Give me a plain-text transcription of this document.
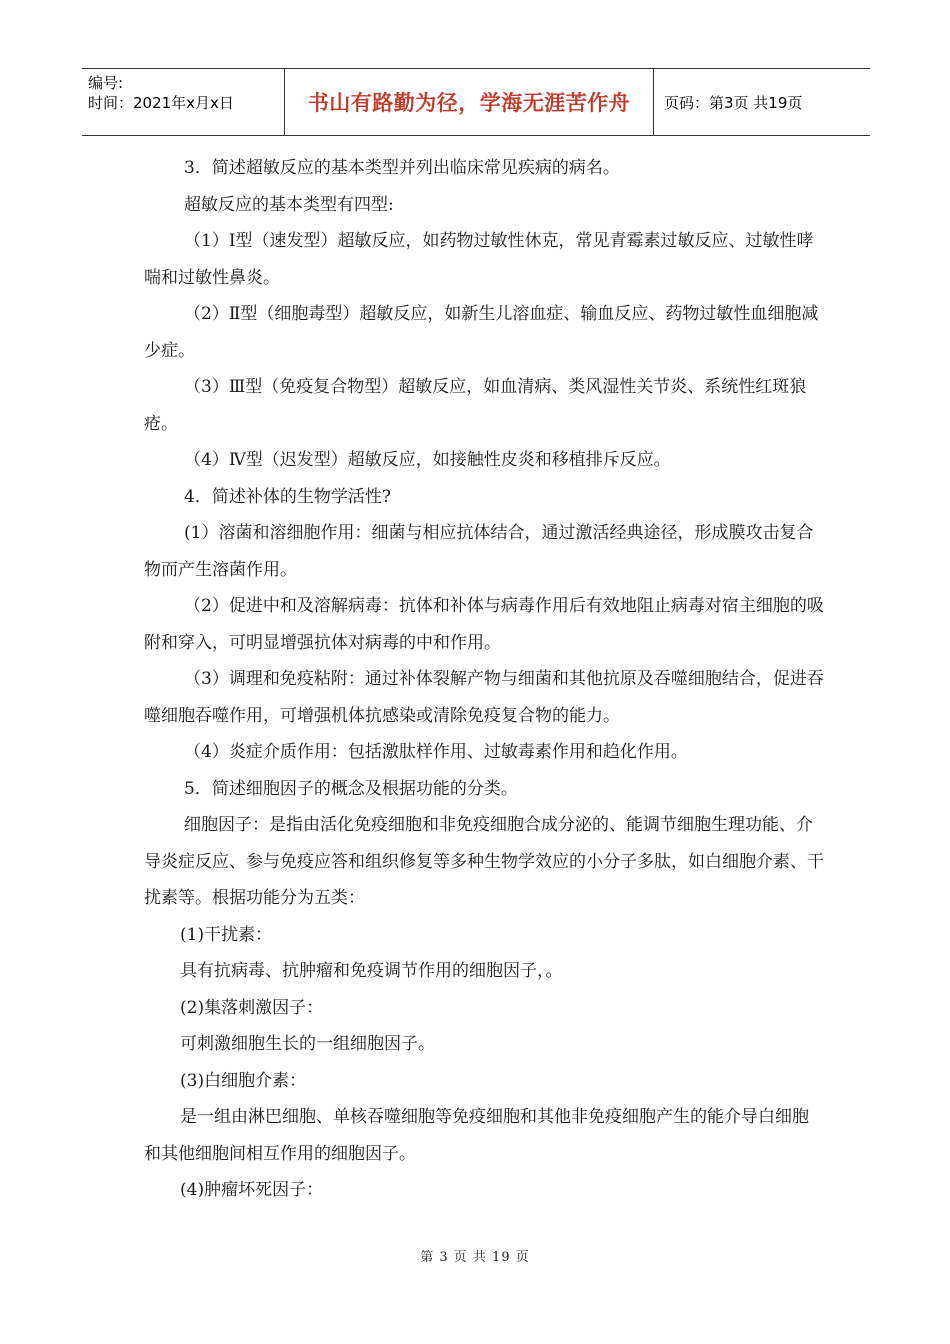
编号:
时间：2021年x月x日	书山有路勤为径，学海无涯苦作舟	页码：第3页 共19页

3．简述超敏反应的基本类型并列出临床常见疾病的病名。

超敏反应的基本类型有四型:

（1）Ⅰ型（速发型）超敏反应，如药物过敏性休克，常见青霉素过敏反应、过敏性哮喘和过敏性鼻炎。

（2）Ⅱ型（细胞毒型）超敏反应，如新生儿溶血症、输血反应、药物过敏性血细胞减少症。

（3）Ⅲ型（免疫复合物型）超敏反应，如血清病、类风湿性关节炎、系统性红斑狼疮。

（4）Ⅳ型（迟发型）超敏反应，如接触性皮炎和移植排斥反应。

4．简述补体的生物学活性?

(1）溶菌和溶细胞作用：细菌与相应抗体结合，通过激活经典途径，形成膜攻击复合物而产生溶菌作用。

（2）促进中和及溶解病毒：抗体和补体与病毒作用后有效地阻止病毒对宿主细胞的吸附和穿入，可明显增强抗体对病毒的中和作用。

（3）调理和免疫粘附：通过补体裂解产物与细菌和其他抗原及吞噬细胞结合，促进吞噬细胞吞噬作用，可增强机体抗感染或清除免疫复合物的能力。

（4）炎症介质作用：包括激肽样作用、过敏毒素作用和趋化作用。

5．简述细胞因子的概念及根据功能的分类。

细胞因子：是指由活化免疫细胞和非免疫细胞合成分泌的、能调节细胞生理功能、介导炎症反应、参与免疫应答和组织修复等多种生物学效应的小分子多肽，如白细胞介素、干扰素等。根据功能分为五类：

(1)干扰素：

具有抗病毒、抗肿瘤和免疫调节作用的细胞因子，。

(2)集落刺激因子：

可刺激细胞生长的一组细胞因子。

(3)白细胞介素：

是一组由淋巴细胞、单核吞噬细胞等免疫细胞和其他非免疫细胞产生的能介导白细胞和其他细胞间相互作用的细胞因子。

(4)肿瘤坏死因子：

第 3 页 共 19 页
